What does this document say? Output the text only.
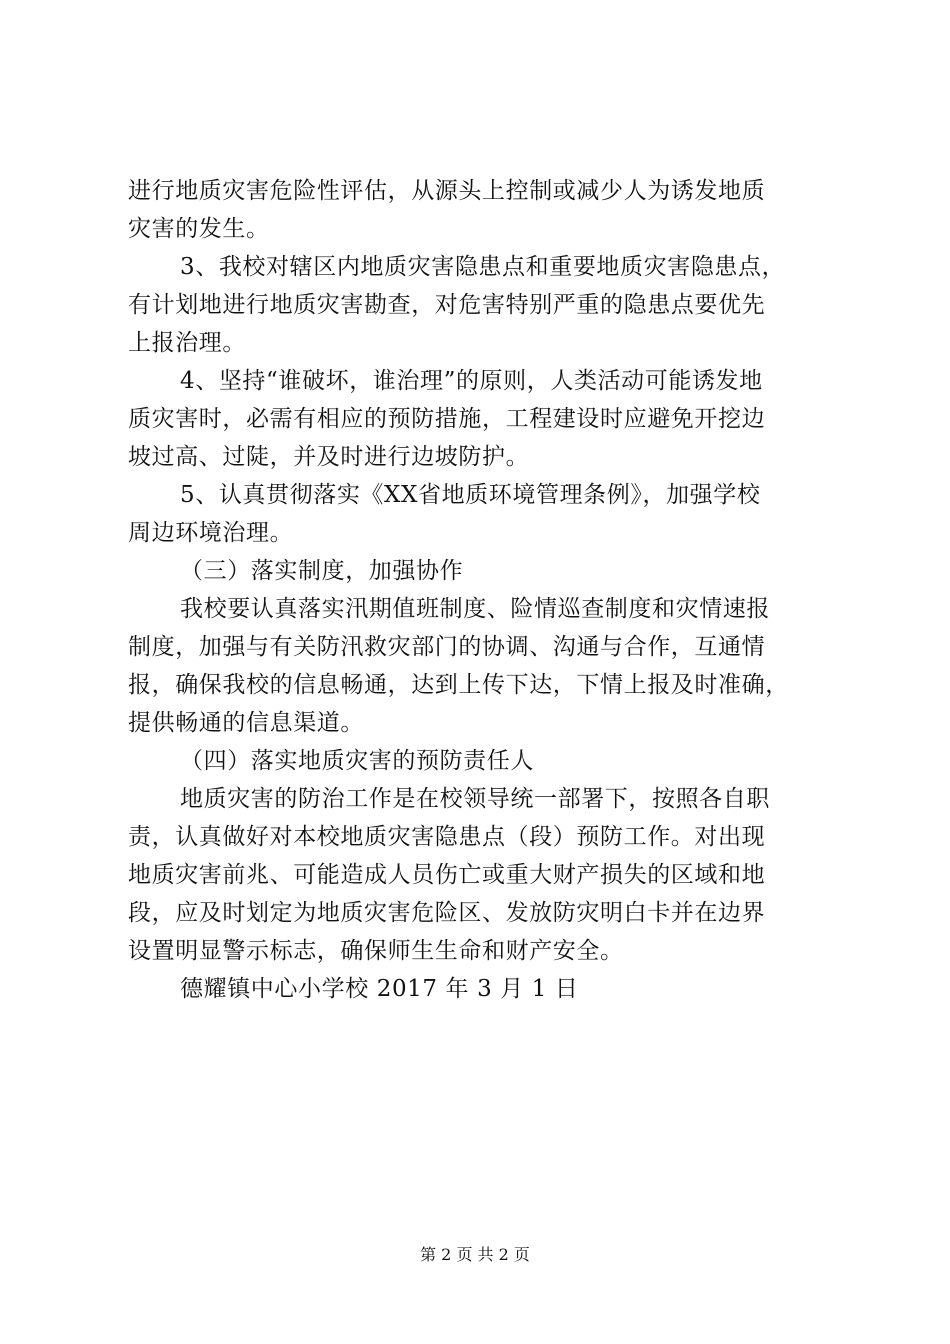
进行地质灾害危险性评估，从源头上控制或减少人为诱发地质
灾害的发生。
3、我校对辖区内地质灾害隐患点和重要地质灾害隐患点，
有计划地进行地质灾害勘查，对危害特别严重的隐患点要优先
上报治理。
4、坚持“谁破坏，谁治理”的原则，人类活动可能诱发地
质灾害时，必需有相应的预防措施，工程建设时应避免开挖边
坡过高、过陡，并及时进行边坡防护。
5、认真贯彻落实《XX省地质环境管理条例》，加强学校
周边环境治理。
（三）落实制度，加强协作
我校要认真落实汛期值班制度、险情巡查制度和灾情速报
制度，加强与有关防汛救灾部门的协调、沟通与合作，互通情
报，确保我校的信息畅通，达到上传下达，下情上报及时准确，
提供畅通的信息渠道。
（四）落实地质灾害的预防责任人
地质灾害的防治工作是在校领导统一部署下，按照各自职
责，认真做好对本校地质灾害隐患点（段）预防工作。对出现
地质灾害前兆、可能造成人员伤亡或重大财产损失的区域和地
段，应及时划定为地质灾害危险区、发放防灾明白卡并在边界
设置明显警示标志，确保师生生命和财产安全。
德耀镇中心小学校 2017 年 3 月 1 日
第 2 页 共 2 页
